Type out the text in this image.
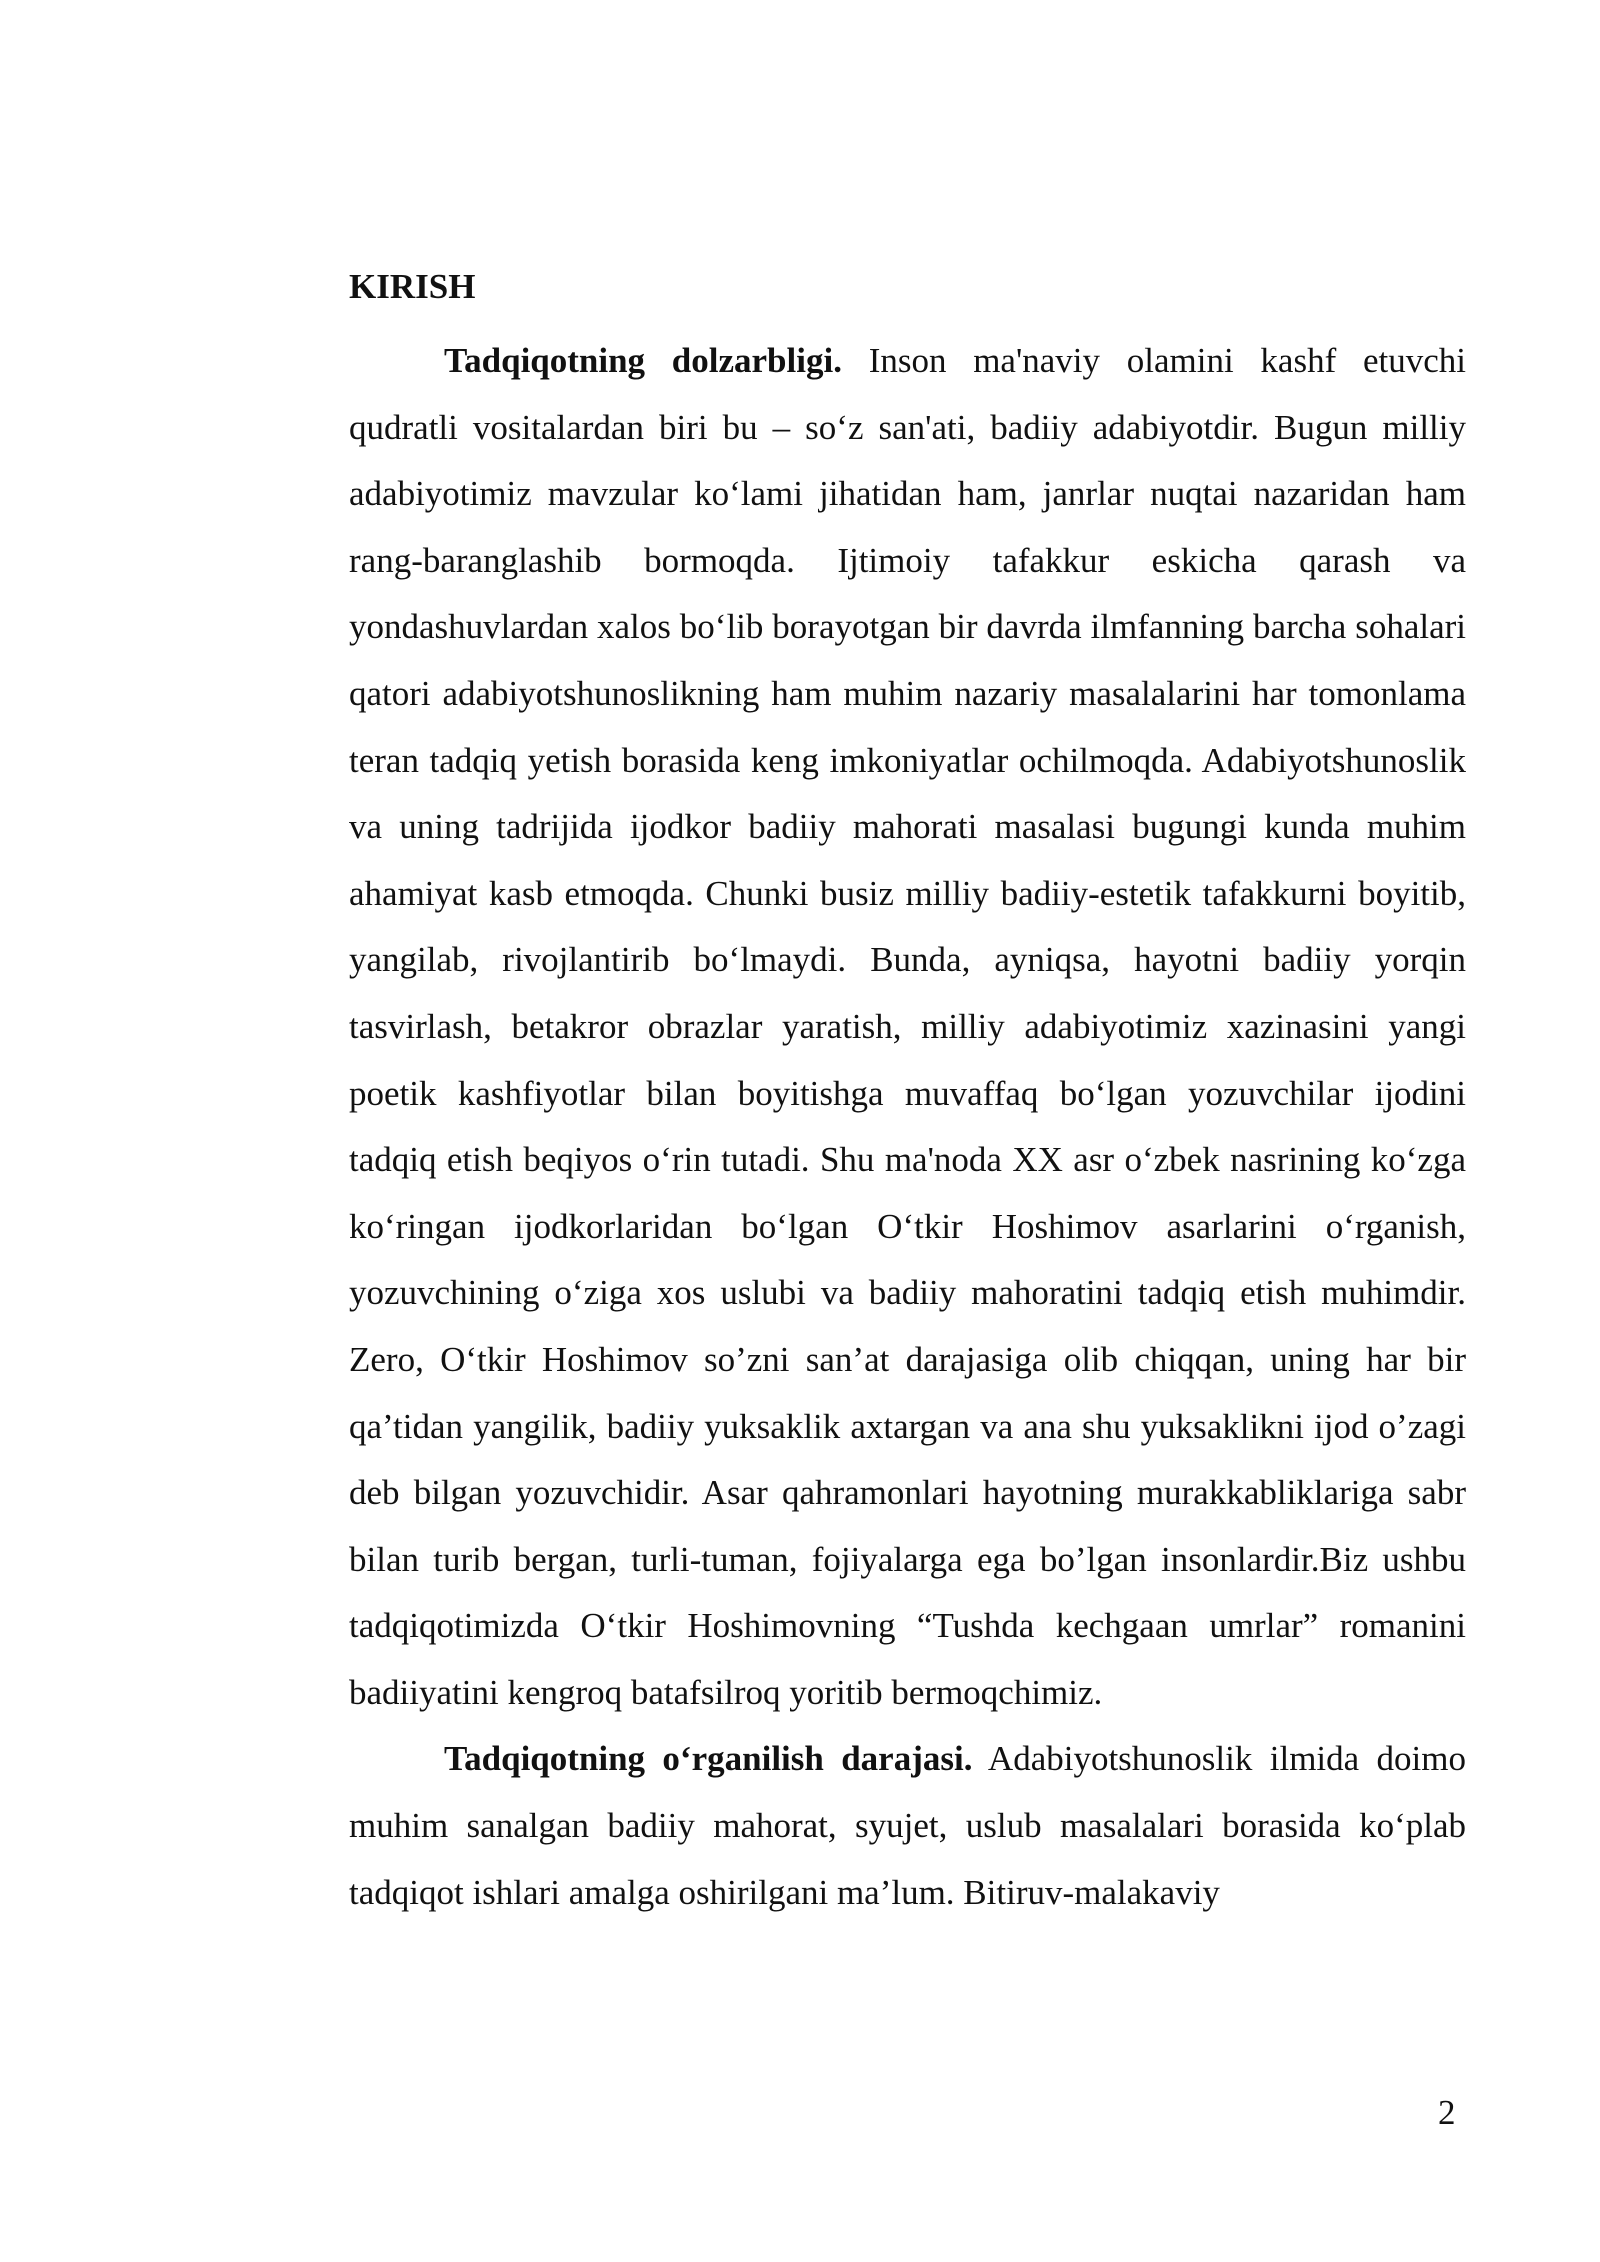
KIRISH

Tadqiqotning dolzarbligi. Inson ma'naviy olamini kashf etuvchi qudratli vositalardan biri bu – so‘z san'ati, badiiy adabiyotdir. Bugun milliy adabiyotimiz mavzular ko‘lami jihatidan ham, janrlar nuqtai nazaridan ham rang-baranglashib bormoqda. Ijtimoiy tafakkur eskicha qarash va yondashuvlardan xalos bo‘lib borayotgan bir davrda ilmfanning barcha sohalari qatori adabiyotshunoslikning ham muhim nazariy masalalarini har tomonlama teran tadqiq yetish borasida keng imkoniyatlar ochilmoqda. Adabiyotshunoslik va uning tadrijida ijodkor badiiy mahorati masalasi bugungi kunda muhim ahamiyat kasb etmoqda. Chunki busiz milliy badiiy-estetik tafakkurni boyitib, yangilab, rivojlantirib bo‘lmaydi. Bunda, ayniqsa, hayotni badiiy yorqin tasvirlash, betakror obrazlar yaratish, milliy adabiyotimiz xazinasini yangi poetik kashfiyotlar bilan boyitishga muvaffaq bo‘lgan yozuvchilar ijodini tadqiq etish beqiyos o‘rin tutadi. Shu ma'noda XX asr o‘zbek nasrining ko‘zga ko‘ringan ijodkorlaridan bo‘lgan O‘tkir Hoshimov asarlarini o‘rganish, yozuvchining o‘ziga xos uslubi va badiiy mahoratini tadqiq etish muhimdir. Zero, O‘tkir Hoshimov so’zni san’at darajasiga olib chiqqan, uning har bir qa’tidan yangilik, badiiy yuksaklik axtargan va ana shu yuksaklikni ijod o’zagi deb bilgan yozuvchidir. Asar qahramonlari hayotning murakkabliklariga sabr bilan turib bergan, turli-tuman, fojiyalarga ega bo’lgan insonlardir.Biz ushbu tadqiqotimizda O‘tkir Hoshimovning “Tushda kechgaan umrlar” romanini badiiyatini kengroq batafsilroq yoritib bermoqchimiz.

Tadqiqotning o‘rganilish darajasi. Adabiyotshunoslik ilmida doimo muhim sanalgan badiiy mahorat, syujet, uslub masalalari borasida ko‘plab tadqiqot ishlari amalga oshirilgani ma’lum. Bitiruv-malakaviy

2
